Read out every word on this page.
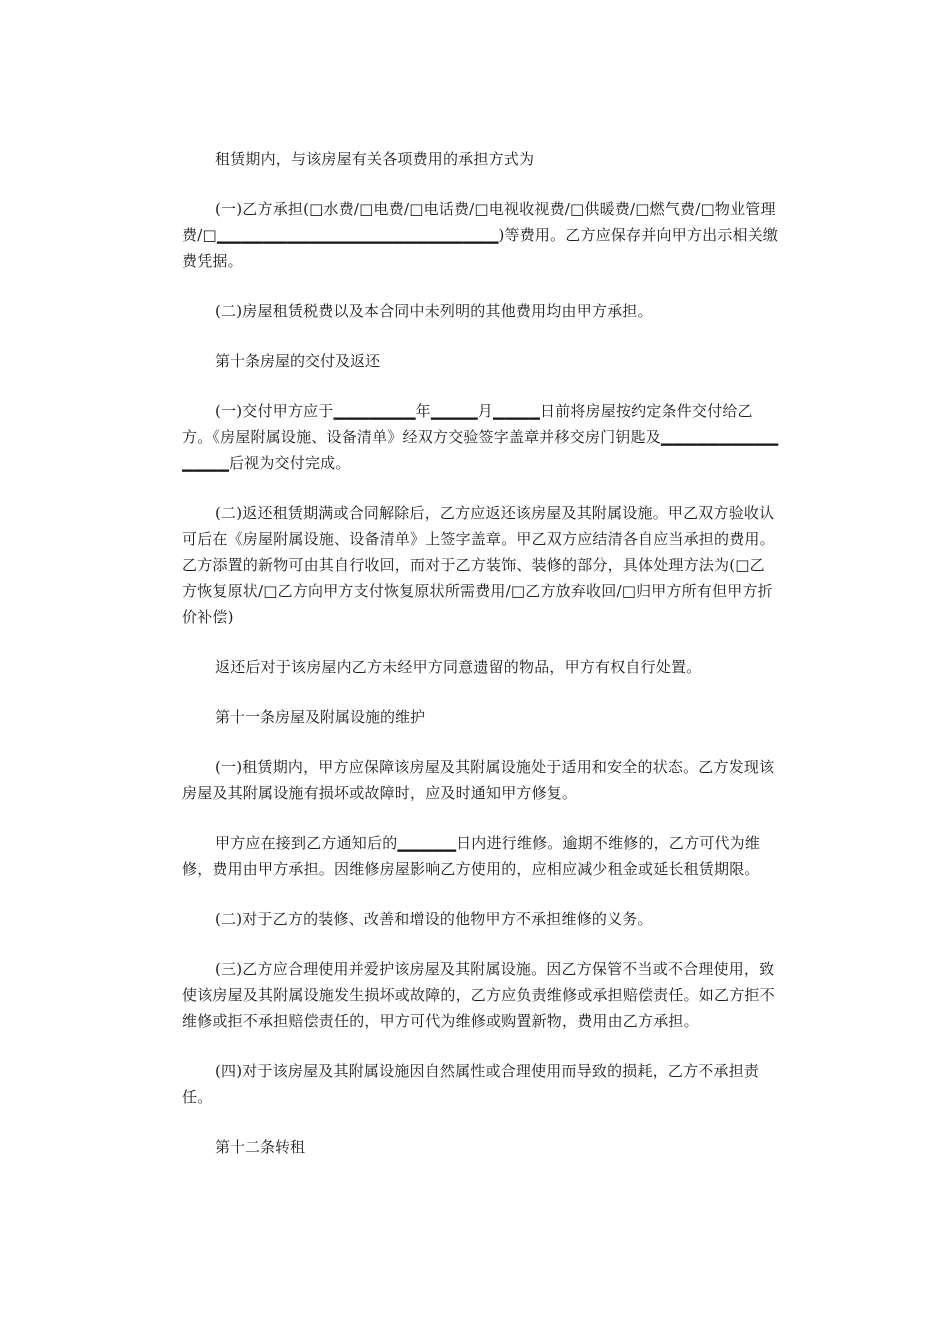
租赁期内，与该房屋有关各项费用的承担方式为

(一)乙方承担(□水费/□电费/□电话费/□电视收视费/□供暖费/□燃气费/□物业管理费/□▁▁▁▁▁▁▁▁▁▁▁▁▁▁▁▁▁▁▁▁▁▁▁▁)等费用。乙方应保存并向甲方出示相关缴费凭据。

(二)房屋租赁税费以及本合同中未列明的其他费用均由甲方承担。

第十条房屋的交付及返还

(一)交付甲方应于▁▁▁▁▁▁▁年▁▁▁▁月▁▁▁▁日前将房屋按约定条件交付给乙方。《房屋附属设施、设备清单》经双方交验签字盖章并移交房门钥匙及▁▁▁▁▁▁▁▁▁▁▁▁▁▁后视为交付完成。

(二)返还租赁期满或合同解除后，乙方应返还该房屋及其附属设施。甲乙双方验收认可后在《房屋附属设施、设备清单》上签字盖章。甲乙双方应结清各自应当承担的费用。乙方添置的新物可由其自行收回，而对于乙方装饰、装修的部分，具体处理方法为(□乙方恢复原状/□乙方向甲方支付恢复原状所需费用/□乙方放弃收回/□归甲方所有但甲方折价补偿)

返还后对于该房屋内乙方未经甲方同意遗留的物品，甲方有权自行处置。

第十一条房屋及附属设施的维护

(一)租赁期内，甲方应保障该房屋及其附属设施处于适用和安全的状态。乙方发现该房屋及其附属设施有损坏或故障时，应及时通知甲方修复。

甲方应在接到乙方通知后的▁▁▁▁▁日内进行维修。逾期不维修的，乙方可代为维修，费用由甲方承担。因维修房屋影响乙方使用的，应相应减少租金或延长租赁期限。

(二)对于乙方的装修、改善和增设的他物甲方不承担维修的义务。

(三)乙方应合理使用并爱护该房屋及其附属设施。因乙方保管不当或不合理使用，致使该房屋及其附属设施发生损坏或故障的，乙方应负责维修或承担赔偿责任。如乙方拒不维修或拒不承担赔偿责任的，甲方可代为维修或购置新物，费用由乙方承担。

(四)对于该房屋及其附属设施因自然属性或合理使用而导致的损耗，乙方不承担责任。

第十二条转租
